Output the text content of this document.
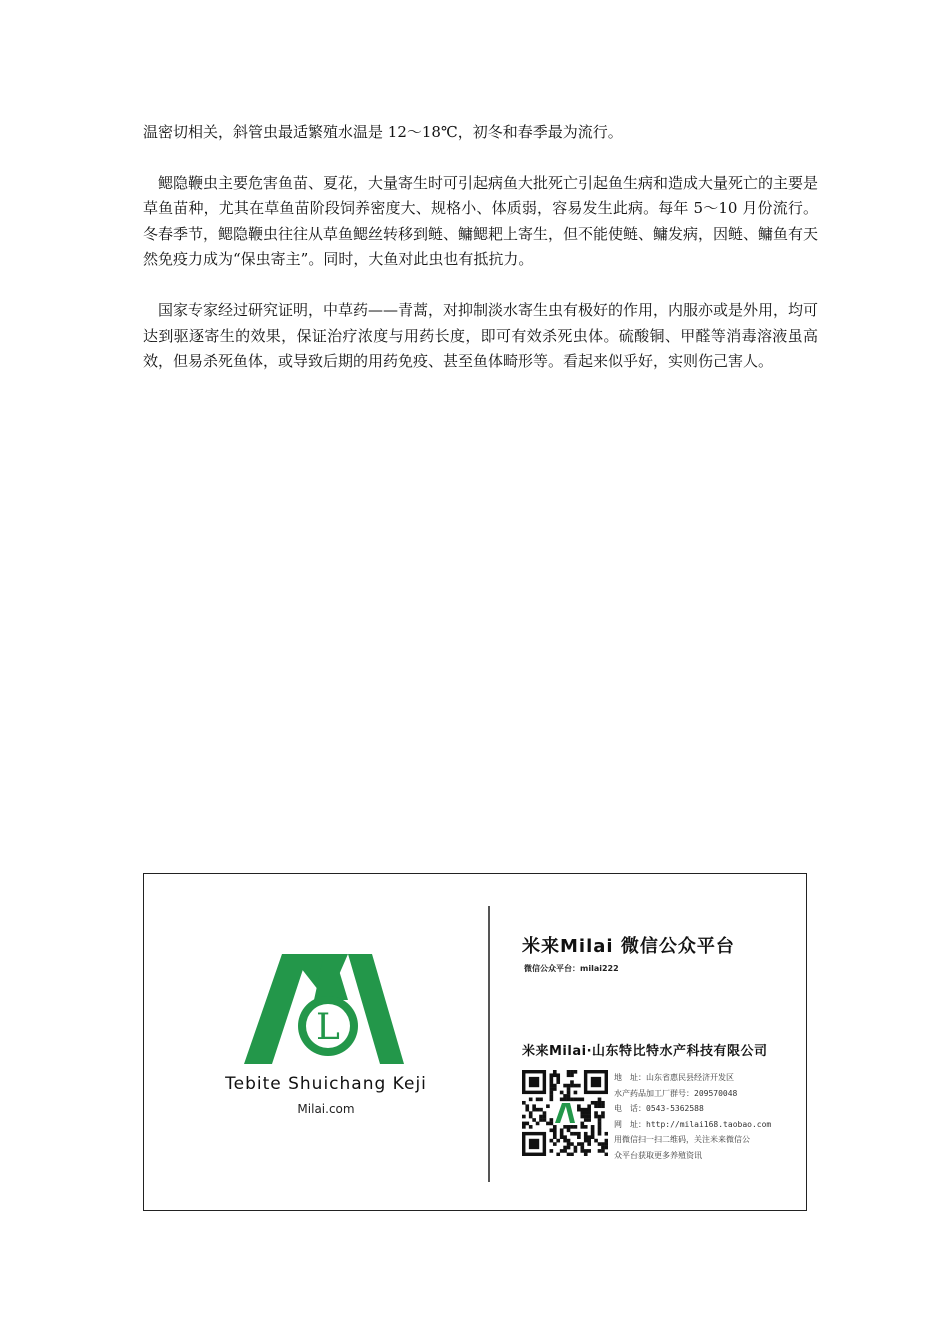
温密切相关，斜管虫最适繁殖水温是 12～18℃，初冬和春季最为流行。

鳃隐鞭虫主要危害鱼苗、夏花，大量寄生时可引起病鱼大批死亡引起鱼生病和造成大量死亡的主要是草鱼苗种，尤其在草鱼苗阶段饲养密度大、规格小、体质弱，容易发生此病。每年 5～10 月份流行。冬春季节，鳃隐鞭虫往往从草鱼鳃丝转移到鲢、鳙鳃耙上寄生，但不能使鲢、鳙发病，因鲢、鳙鱼有天然免疫力成为“保虫寄主”。同时，大鱼对此虫也有抵抗力。

国家专家经过研究证明，中草药——青蒿，对抑制淡水寄生虫有极好的作用，内服亦或是外用，均可达到驱逐寄生的效果，保证治疗浓度与用药长度，即可有效杀死虫体。硫酸铜、甲醛等消毒溶液虽高效，但易杀死鱼体，或导致后期的用药免疫、甚至鱼体畸形等。看起来似乎好，实则伤己害人。

L
Tebite Shuichang Keji
Milai.com
米来Milai 微信公众平台
微信公众平台：milai222
米来Milai·山东特比特水产科技有限公司
地　址：山东省惠民县经济开发区
水产药品加工厂群号：209570048
电　话：0543-5362588
网　址：http://milai168.taobao.com
用微信扫一扫二维码，关注米来微信公
众平台获取更多养殖资讯
